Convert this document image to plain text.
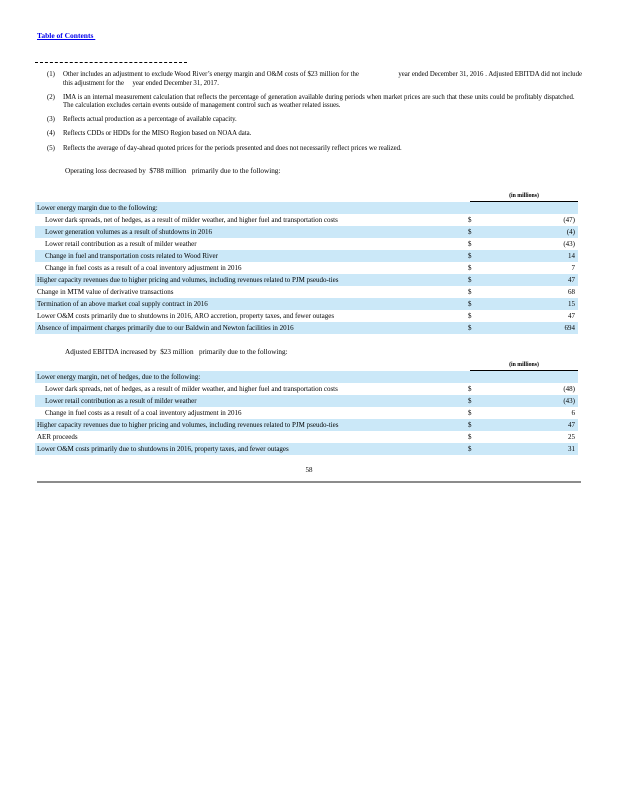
Table of Contents
(1)	Other includes an adjustment to exclude Wood River’s energy margin and O&M costs of $23 million for the                      year ended December 31, 2016 . Adjusted EBITDA did not include this adjustment for the     year ended December 31, 2017.
(2)	IMA is an internal measurement calculation that reflects the percentage of generation available during periods when market prices are such that these units could be profitably dispatched.     The calculation excludes certain events outside of management control such as weather related issues.
(3)	Reflects actual production as a percentage of available capacity.
(4)	Reflects CDDs or HDDs for the MISO Region based on NOAA data.
(5)	Reflects the average of day-ahead quoted prices for the periods presented and does not necessarily reflect prices we realized.

Operating loss decreased by  $788 million   primarily due to the following:

(in millions)
Lower energy margin due to the following:
Lower dark spreads, net of hedges, as a result of milder weather, and higher fuel and transportation costs	$	(47)
Lower generation volumes as a result of shutdowns in 2016	$	(4)
Lower retail contribution as a result of milder weather	$	(43)
Change in fuel and transportation costs related to Wood River	$	14
Change in fuel costs as a result of a coal inventory adjustment in 2016	$	7
Higher capacity revenues due to higher pricing and volumes, including revenues related to PJM pseudo-ties	$	47
Change in MTM value of derivative transactions	$	68
Termination of an above market coal supply contract in 2016	$	15
Lower O&M costs primarily due to shutdowns in 2016, ARO accretion, property taxes, and fewer outages	$	47
Absence of impairment charges primarily due to our Baldwin and Newton facilities in 2016	$	694

Adjusted EBITDA increased by  $23 million   primarily due to the following:

(in millions)
Lower energy margin, net of hedges, due to the following:
Lower dark spreads, net of hedges, as a result of milder weather, and higher fuel and transportation costs	$	(48)
Lower retail contribution as a result of milder weather	$	(43)
Change in fuel costs as a result of a coal inventory adjustment in 2016	$	6
Higher capacity revenues due to higher pricing and volumes, including revenues related to PJM pseudo-ties	$	47
AER proceeds	$	25
Lower O&M costs primarily due to shutdowns in 2016, property taxes, and fewer outages	$	31
58
